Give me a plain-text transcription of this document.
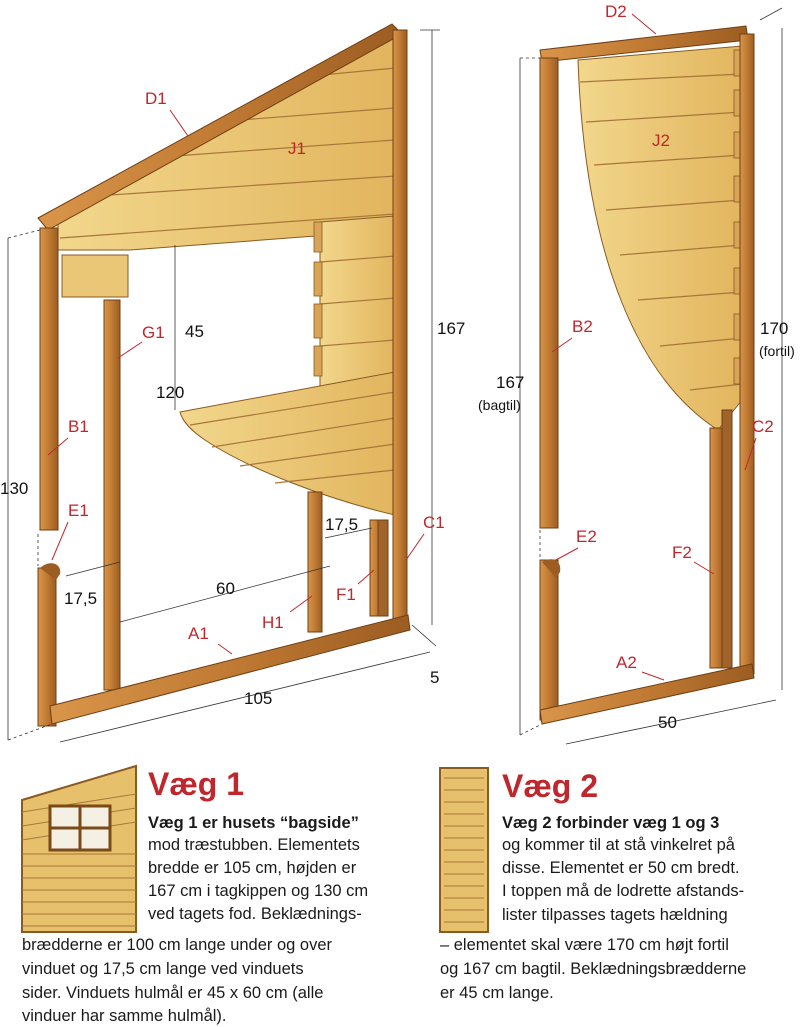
D1
J1
G1
B1
E1
H1
F1
C1
A1
45	167
120
130
17,5
17,5
60
5
105
D2
J2
B2
C2
E2
F2
A2
167
(bagtil)
170
(fortil)
50
Væg 1
Væg 1 er husets “bagside”
mod træstubben. Elementets
bredde er 105 cm, højden er
167 cm i tagkippen og 130 cm
ved tagets fod. Beklædnings-
brædderne er 100 cm lange under og over
vinduet og 17,5 cm lange ved vinduets
sider. Vinduets hulmål er 45 x 60 cm (alle
vinduer har samme hulmål).
Væg 2
Væg 2 forbinder væg 1 og 3
og kommer til at stå vinkelret på
disse. Elementet er 50 cm bredt.
I toppen må de lodrette afstands-
lister tilpasses tagets hældning
– elementet skal være 170 cm højt fortil
og 167 cm bagtil. Beklædningsbrædderne
er 45 cm lange.
